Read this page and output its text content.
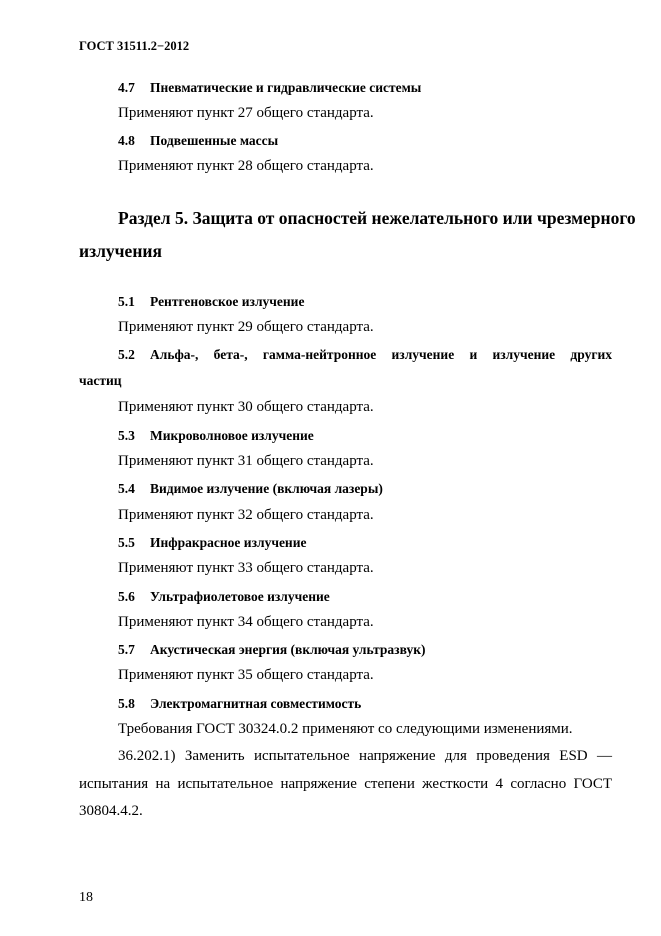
ГОСТ 31511.2−2012
4.7 Пневматические и гидравлические системы
Применяют пункт 27 общего стандарта.
4.8 Подвешенные массы
Применяют пункт 28 общего стандарта.
Раздел 5. Защита от опасностей нежелательного или чрезмерного
излучения
5.1 Рентгеновское излучение
Применяют пункт 29 общего стандарта.
5.2 Альфа-, бета-, гамма-нейтронное излучение и излучение других
частиц
Применяют пункт 30 общего стандарта.
5.3 Микроволновое излучение
Применяют пункт 31 общего стандарта.
5.4 Видимое излучение (включая лазеры)
Применяют пункт 32 общего стандарта.
5.5 Инфракрасное излучение
Применяют пункт 33 общего стандарта.
5.6 Ультрафиолетовое излучение
Применяют пункт 34 общего стандарта.
5.7 Акустическая энергия (включая ультразвук)
Применяют пункт 35 общего стандарта.
5.8 Электромагнитная совместимость
Требования ГОСТ 30324.0.2 применяют со следующими изменениями.
36.202.1) Заменить испытательное напряжение для проведения ESD —
испытания на испытательное напряжение степени жесткости 4 согласно ГОСТ
30804.4.2.
18
